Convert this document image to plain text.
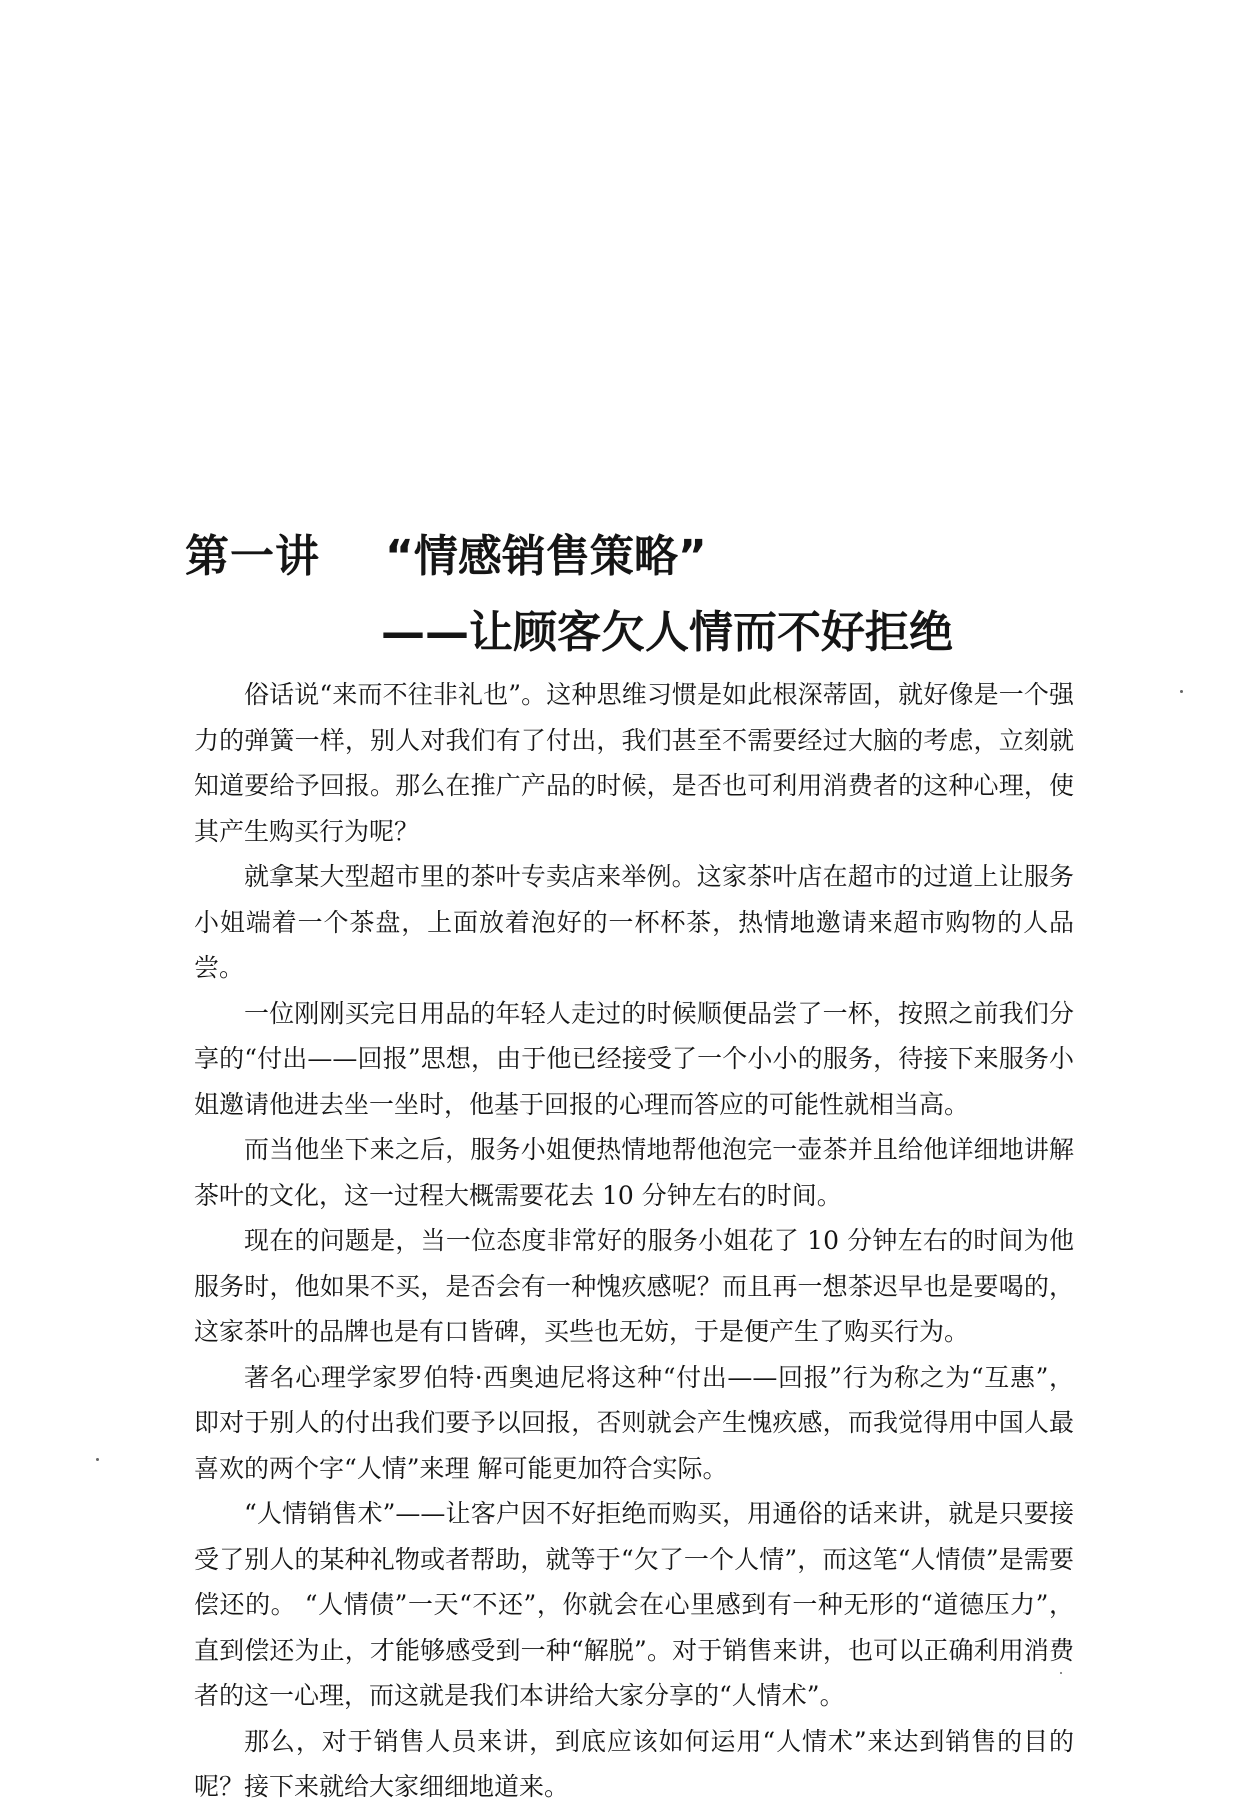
第一讲	“情感销售策略”
——让顾客欠人情而不好拒绝

俗话说“来而不往非礼也”。这种思维习惯是如此根深蒂固，就好像是一个强力的弹簧一样，别人对我们有了付出，我们甚至不需要经过大脑的考虑，立刻就知道要给予回报。那么在推广产品的时候，是否也可利用消费者的这种心理，使其产生购买行为呢？

就拿某大型超市里的茶叶专卖店来举例。这家茶叶店在超市的过道上让服务小姐端着一个茶盘，上面放着泡好的一杯杯茶，热情地邀请来超市购物的人品尝。

一位刚刚买完日用品的年轻人走过的时候顺便品尝了一杯，按照之前我们分享的“付出——回报”思想，由于他已经接受了一个小小的服务，待接下来服务小姐邀请他进去坐一坐时，他基于回报的心理而答应的可能性就相当高。

而当他坐下来之后，服务小姐便热情地帮他泡完一壶茶并且给他详细地讲解茶叶的文化，这一过程大概需要花去 10 分钟左右的时间。

现在的问题是，当一位态度非常好的服务小姐花了 10 分钟左右的时间为他服务时，他如果不买，是否会有一种愧疚感呢？而且再一想茶迟早也是要喝的，这家茶叶的品牌也是有口皆碑，买些也无妨，于是便产生了购买行为。

著名心理学家罗伯特·西奥迪尼将这种“付出——回报”行为称之为“互惠”，即对于别人的付出我们要予以回报，否则就会产生愧疚感，而我觉得用中国人最喜欢的两个字“人情”来理 解可能更加符合实际。

“人情销售术”——让客户因不好拒绝而购买，用通俗的话来讲，就是只要接受了别人的某种礼物或者帮助，就等于“欠了一个人情”，而这笔“人情债”是需要偿还的。 “人情债”一天“不还”，你就会在心里感到有一种无形的“道德压力”，直到偿还为止，才能够感受到一种“解脱”。对于销售来讲，也可以正确利用消费者的这一心理，而这就是我们本讲给大家分享的“人情术”。

那么，对于销售人员来讲，到底应该如何运用“人情术”来达到销售的目的呢？接下来就给大家细细地道来。
